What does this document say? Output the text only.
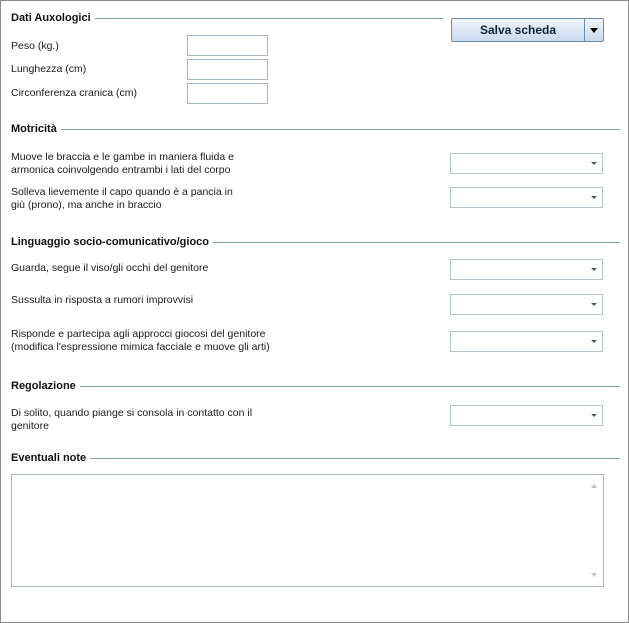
Dati Auxologici
Salva scheda
Peso (kg.)
Lunghezza (cm)
Circonferenza cranica (cm)
Motricità
Muove le braccia e le gambe in maniera fluida e
armonica coinvolgendo entrambi i lati del corpo
Solleva lievemente il capo quando è a pancia in
giù (prono), ma anche in braccio
Linguaggio socio-comunicativo/gioco
Guarda, segue il viso/gli occhi del genitore
Sussulta in risposta a rumori improvvisi
Risponde e partecipa agli approcci giocosi del genitore
(modifica l'espressione mimica facciale e muove gli arti)
Regolazione
Di solito, quando piange si consola in contatto con il
genitore
Eventuali note
